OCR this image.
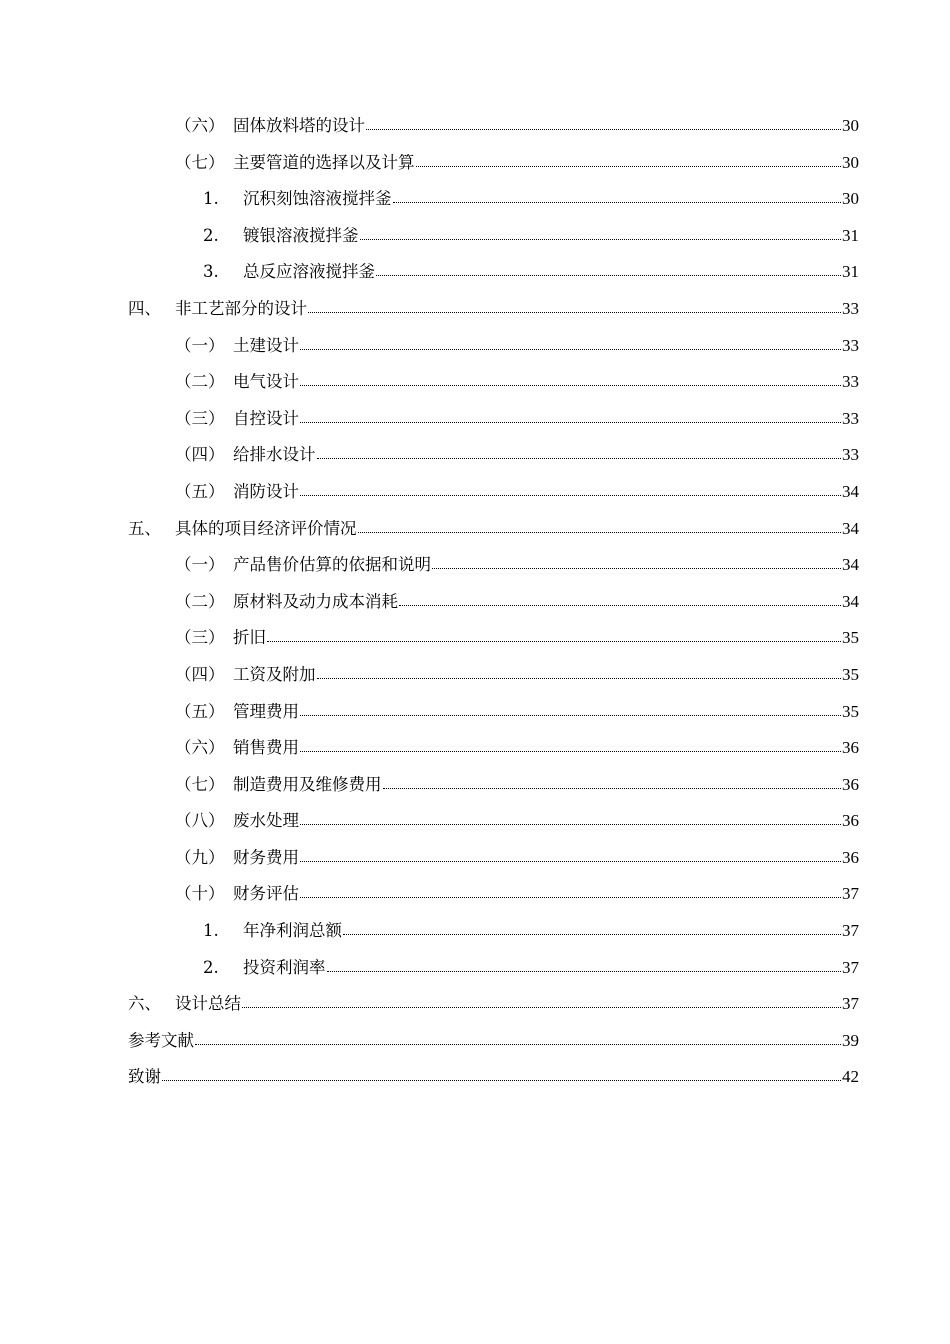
（六） 固体放料塔的设计	30
（七） 主要管道的选择以及计算	30
1.	沉积刻蚀溶液搅拌釜	30
2.	镀银溶液搅拌釜	31
3.	总反应溶液搅拌釜	31
四、 非工艺部分的设计	33
（一） 土建设计	33
（二） 电气设计	33
（三） 自控设计	33
（四） 给排水设计	33
（五） 消防设计	34
五、 具体的项目经济评价情况	34
（一） 产品售价估算的依据和说明	34
（二） 原材料及动力成本消耗	34
（三） 折旧	35
（四） 工资及附加	35
（五） 管理费用	35
（六） 销售费用	36
（七） 制造费用及维修费用	36
（八） 废水处理	36
（九） 财务费用	36
（十） 财务评估	37
1.	年净利润总额	37
2.	投资利润率	37
六、 设计总结	37
参考文献	39
致谢	42
